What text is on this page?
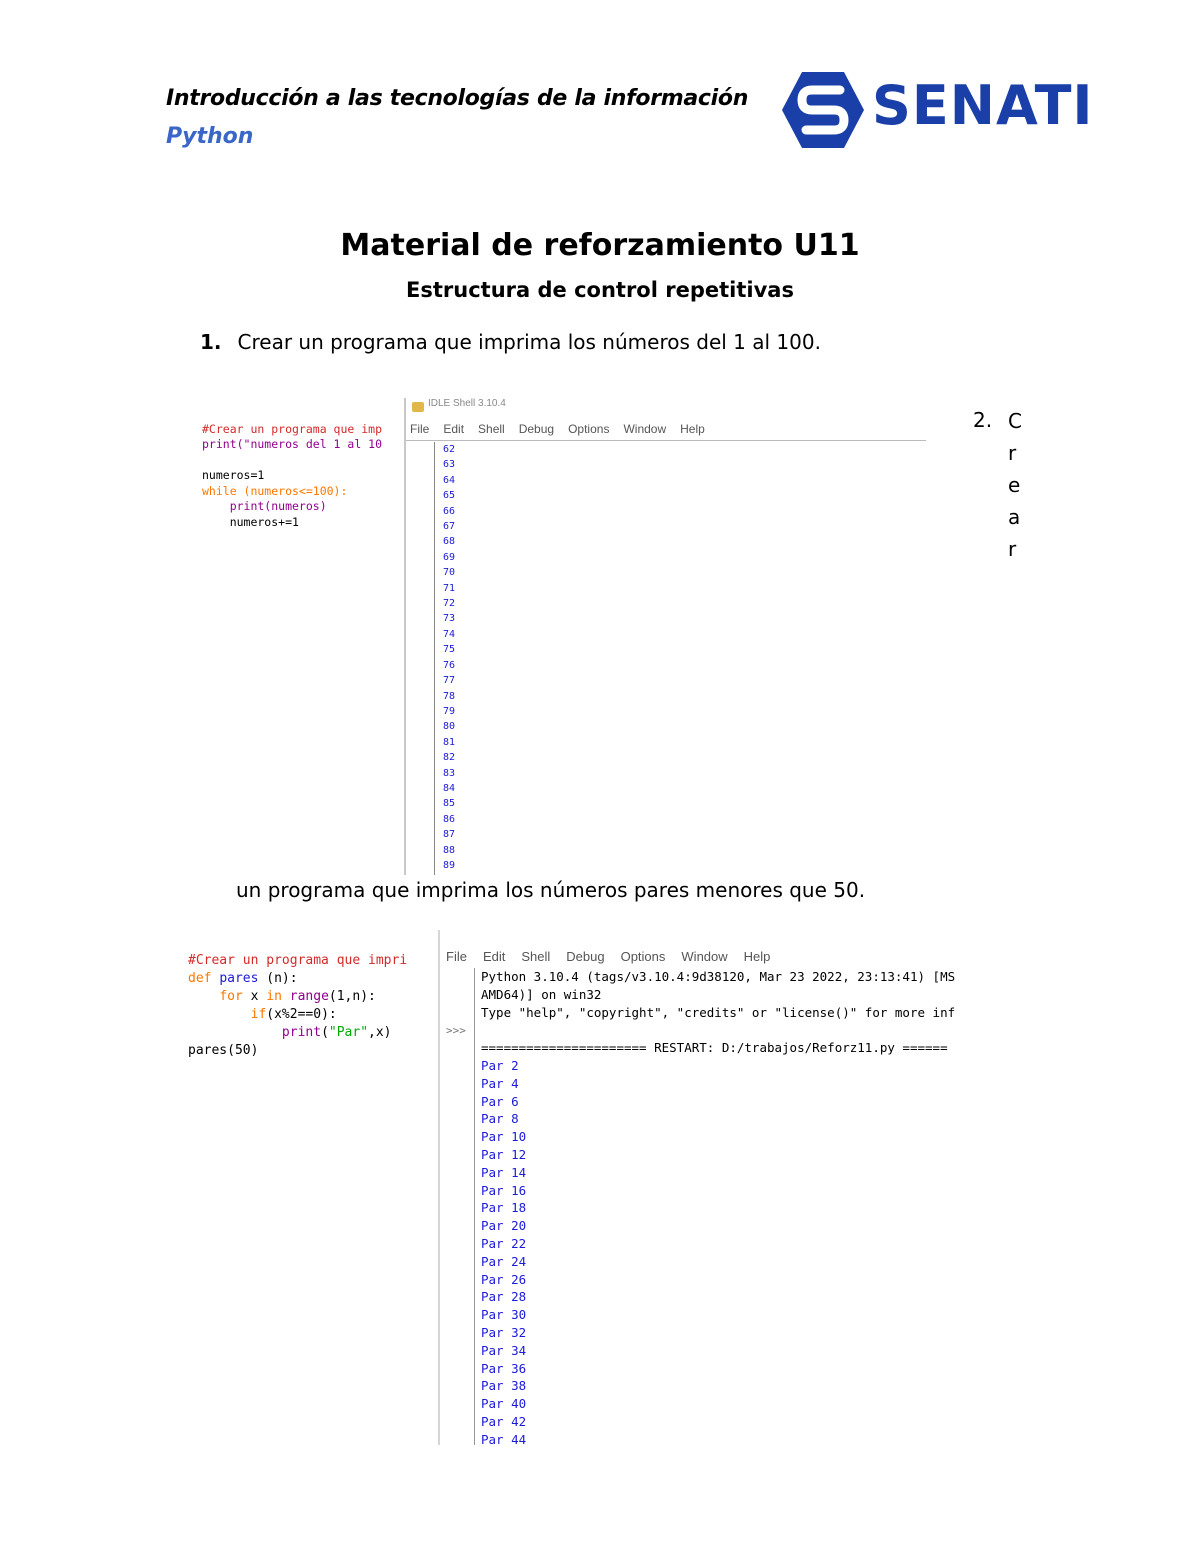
Introducción a las tecnologías de la información
Python	SENATI
Material de reforzamiento U11
Estructura de control repetitivas
1. Crear un programa que imprima los números del 1 al 100.

#Crear un programa que imp
print("numeros del 1 al 10

numeros=1
while (numeros<=100):
print(numeros)
numeros+=1

IDLE Shell 3.10.4
File Edit Shell Debug Options Window Help
62
63
64
65
66
67
68
69
70
71
72
73
74
75
76
77
78
79
80
81
82
83
84
85
86
87
88
89
2. C
r
e
a
r
un programa que imprima los números pares menores que 50.

#Crear un programa que impri
def pares (n):
for x in range(1,n):
if(x%2==0):
print("Par",x)
pares(50)

File Edit Shell Debug Options Window Help
>>>
Python 3.10.4 (tags/v3.10.4:9d38120, Mar 23 2022, 23:13:41) [MS
AMD64)] on win32
Type "help", "copyright", "credits" or "license()" for more inf

====================== RESTART: D:/trabajos/Reforz11.py ======
Par 2
Par 4
Par 6
Par 8
Par 10
Par 12
Par 14
Par 16
Par 18
Par 20
Par 22
Par 24
Par 26
Par 28
Par 30
Par 32
Par 34
Par 36
Par 38
Par 40
Par 42
Par 44
